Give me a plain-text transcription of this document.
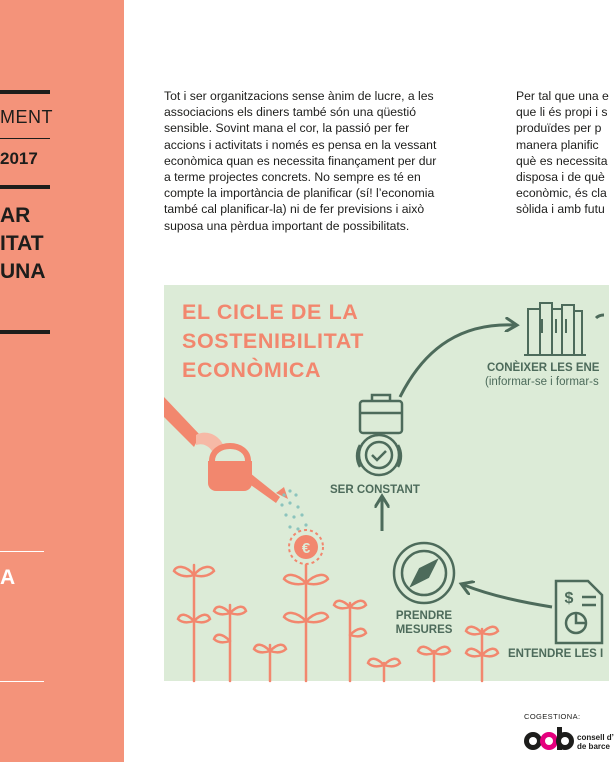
MENT
2017
AR
ITAT
UNA
A
Tot i ser organitzacions sense ànim de lucre, a les
associacions els diners també són una qüestió
sensible. Sovint mana el cor, la passió per fer
accions i activitats i només es pensa en la vessant
econòmica quan es necessita finançament per dur
a terme projectes concrets. No sempre es té en
compte la importància de planificar (sí! l’economia
també cal planificar-la) ni de fer previsions i això
suposa una pèrdua important de possibilitats.
Per tal que una e
que li és propi i s
produïdes per p
manera planific
què es necessita
disposa i de què
econòmic, és cla
sòlida i amb futu
€
$
EL CICLE DE LA
SOSTENIBILITAT
ECONÒMICA	CONÈIXER LES ENE
(informar-se i formar-s
SER CONSTANT
PRENDRE
MESURES
ENTENDRE LES I
COGESTIONA:
consell d’
de barce
